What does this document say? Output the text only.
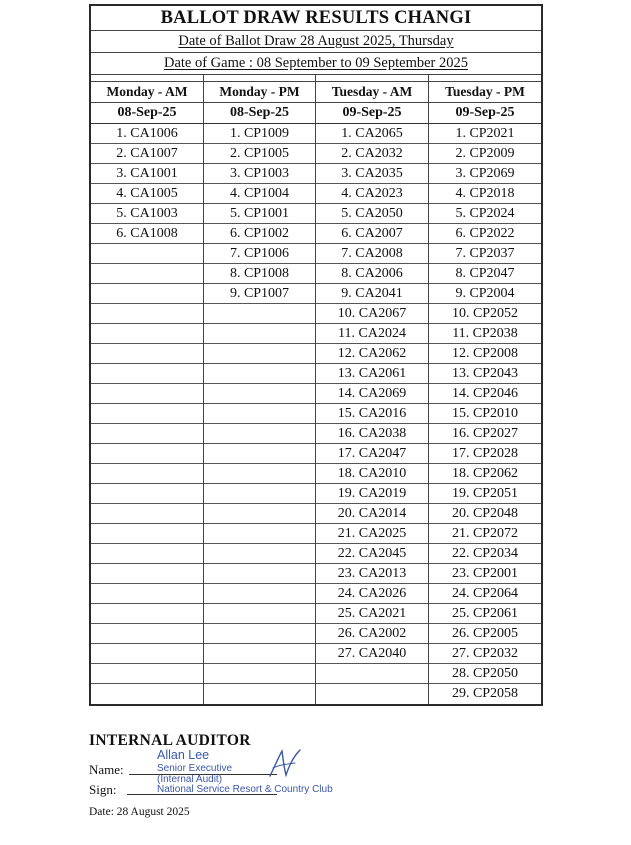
BALLOT DRAW RESULTS CHANGI
Date of Ballot Draw 28 August 2025, Thursday
Date of Game : 08 September to 09 September 2025
Monday - AM
08-Sep-25
1. CA1006
2. CA1007
3. CA1001
4. CA1005
5. CA1003
6. CA1008
Monday - PM
08-Sep-25
1. CP1009
2. CP1005
3. CP1003
4. CP1004
5. CP1001
6. CP1002
7. CP1006
8. CP1008
9. CP1007
Tuesday - AM
09-Sep-25
1. CA2065
2. CA2032
3. CA2035
4. CA2023
5. CA2050
6. CA2007
7. CA2008
8. CA2006
9. CA2041
10. CA2067
11. CA2024
12. CA2062
13. CA2061
14. CA2069
15. CA2016
16. CA2038
17. CA2047
18. CA2010
19. CA2019
20. CA2014
21. CA2025
22. CA2045
23. CA2013
24. CA2026
25. CA2021
26. CA2002
27. CA2040
Tuesday - PM
09-Sep-25
1. CP2021
2. CP2009
3. CP2069
4. CP2018
5. CP2024
6. CP2022
7. CP2037
8. CP2047
9. CP2004
10. CP2052
11. CP2038
12. CP2008
13. CP2043
14. CP2046
15. CP2010
16. CP2027
17. CP2028
18. CP2062
19. CP2051
20. CP2048
21. CP2072
22. CP2034
23. CP2001
24. CP2064
25. CP2061
26. CP2005
27. CP2032
28. CP2050
29. CP2058
INTERNAL AUDITOR
Name:
Sign:
Allan Lee
Senior Executive
(Internal Audit)
National Service Resort & Country Club
Date: 28 August 2025
